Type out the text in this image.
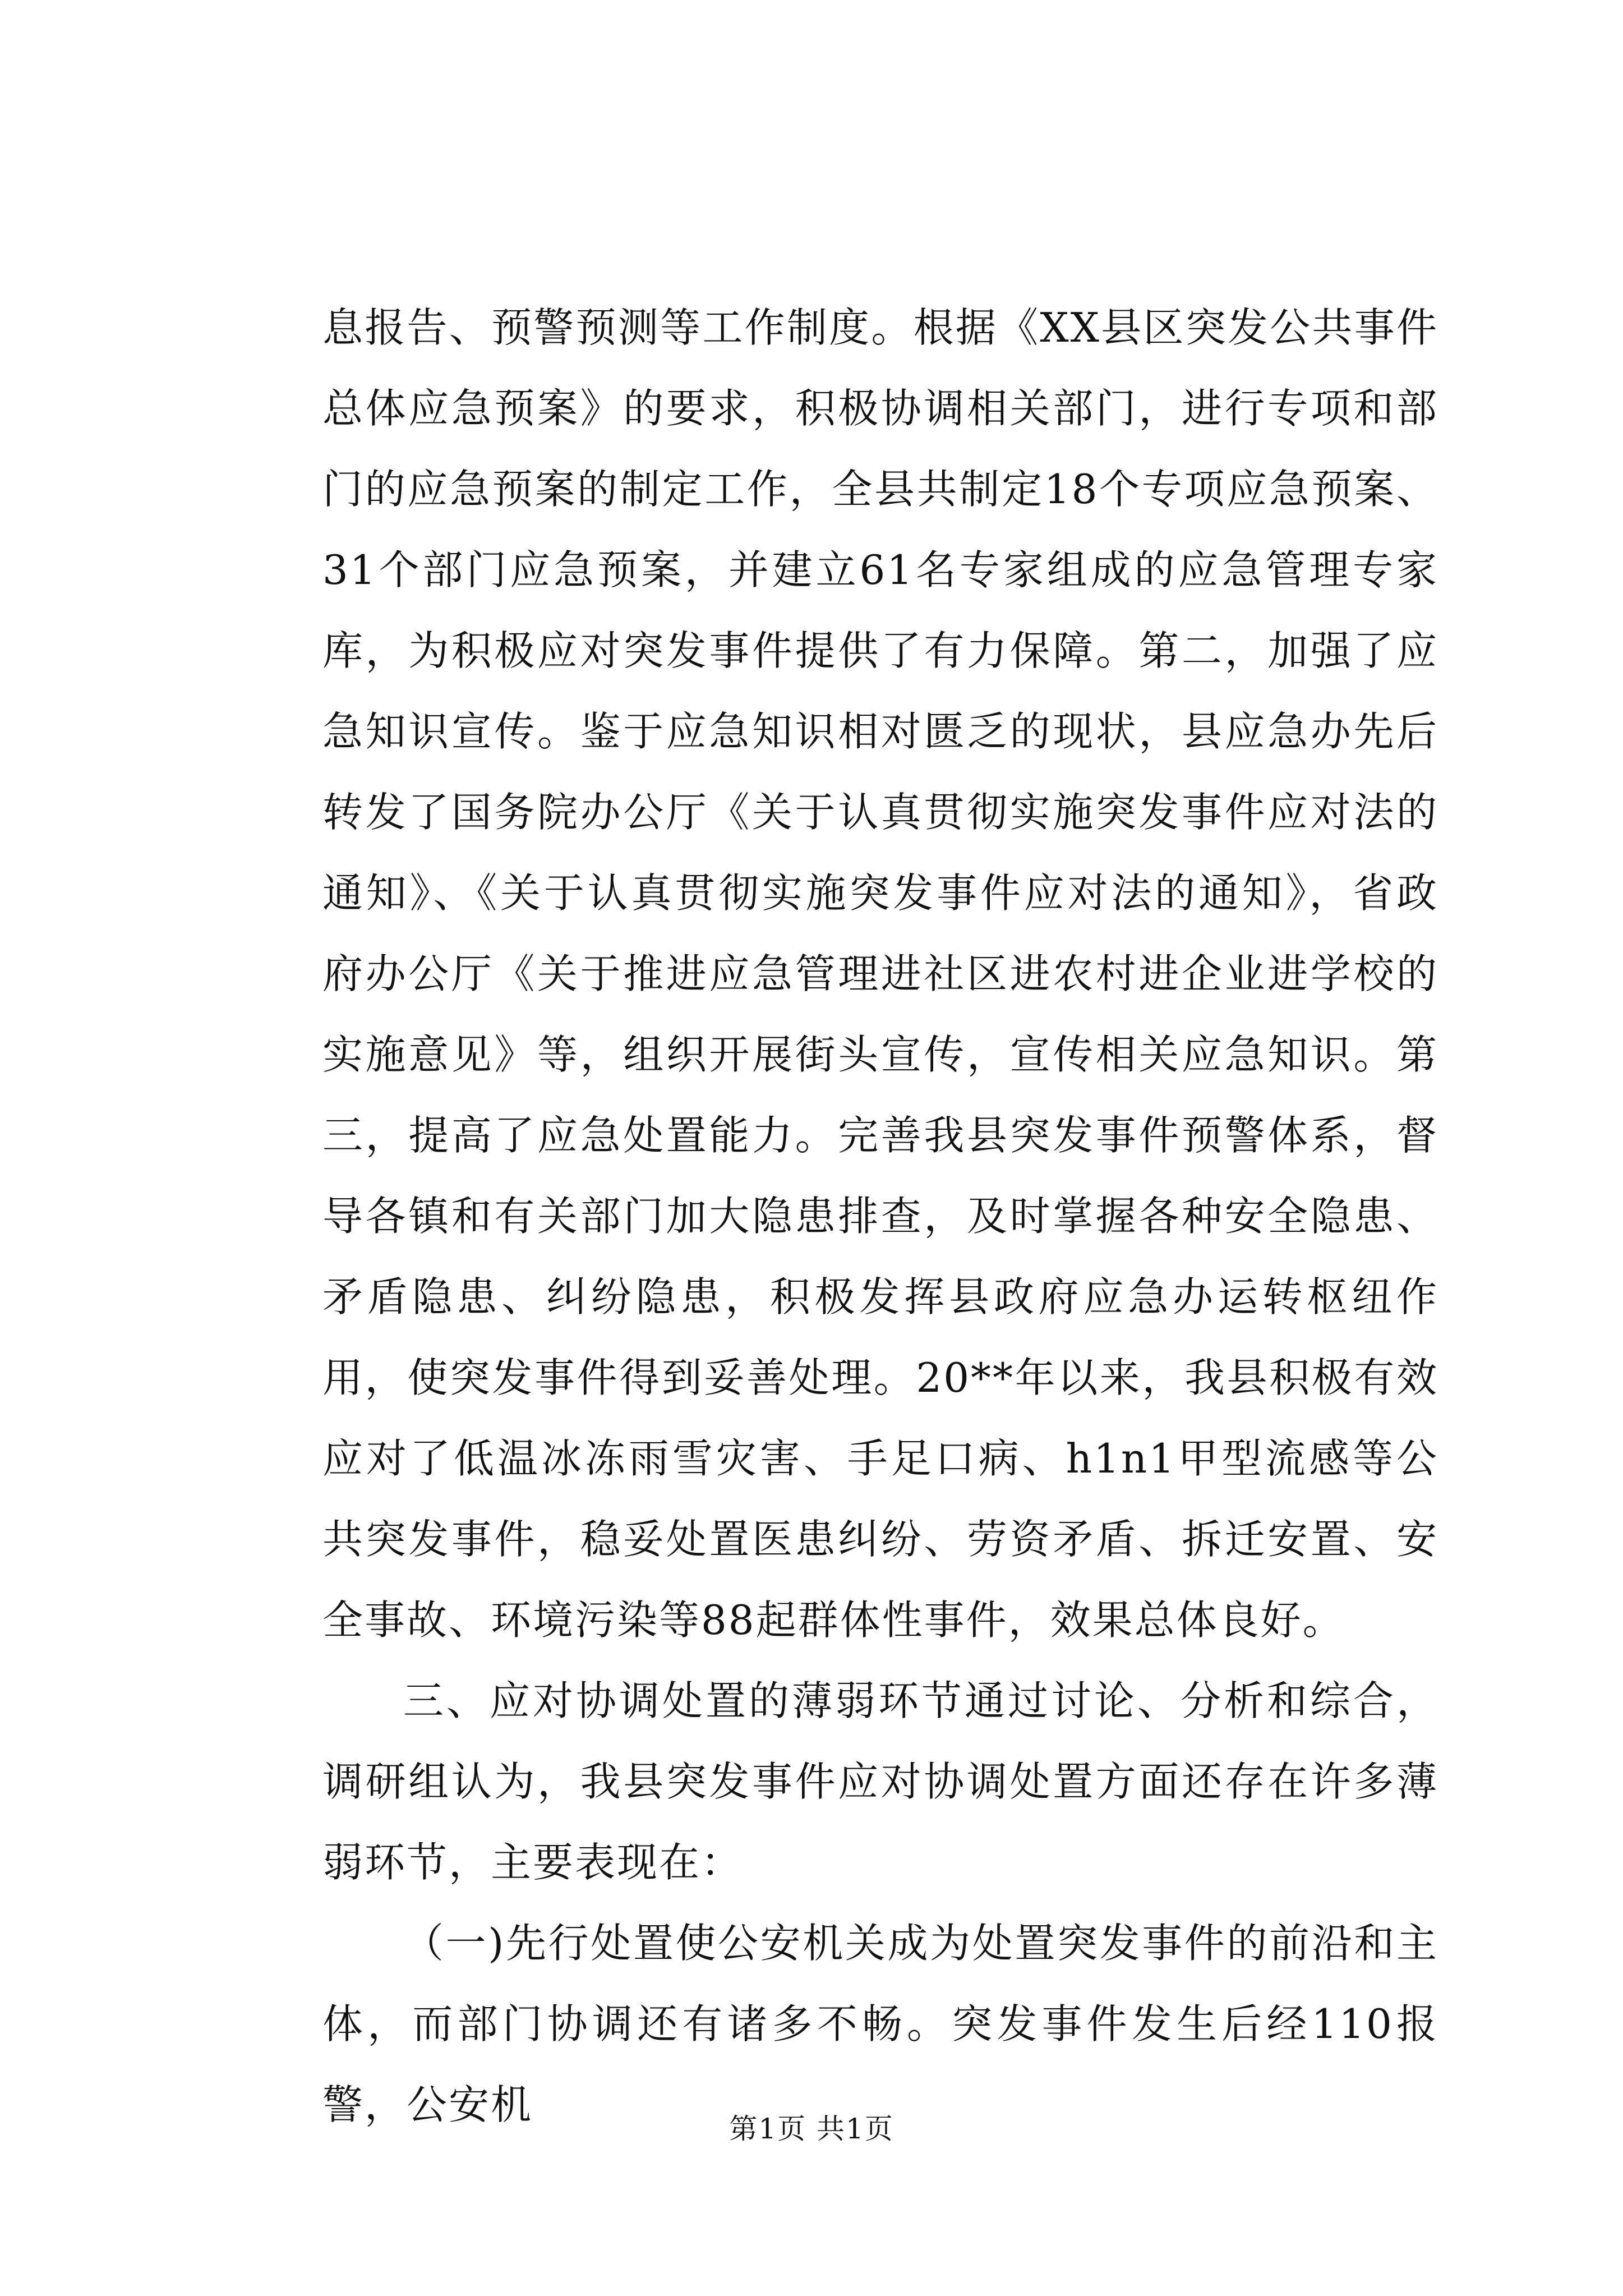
息报告、预警预测等工作制度。根据《XX县区突发公共事件总体应急预案》的要求，积极协调相关部门，进行专项和部门的应急预案的制定工作，全县共制定18个专项应急预案、31个部门应急预案，并建立61名专家组成的应急管理专家库，为积极应对突发事件提供了有力保障。第二，加强了应急知识宣传。鉴于应急知识相对匮乏的现状，县应急办先后转发了国务院办公厅《关于认真贯彻实施突发事件应对法的通知》、《关于认真贯彻实施突发事件应对法的通知》，省政府办公厅《关于推进应急管理进社区进农村进企业进学校的实施意见》等，组织开展街头宣传，宣传相关应急知识。第三，提高了应急处置能力。完善我县突发事件预警体系，督导各镇和有关部门加大隐患排查，及时掌握各种安全隐患、矛盾隐患、纠纷隐患，积极发挥县政府应急办运转枢纽作用，使突发事件得到妥善处理。20**年以来，我县积极有效应对了低温冰冻雨雪灾害、手足口病、h1n1甲型流感等公共突发事件，稳妥处置医患纠纷、劳资矛盾、拆迁安置、安全事故、环境污染等88起群体性事件，效果总体良好。

三、应对协调处置的薄弱环节通过讨论、分析和综合，调研组认为，我县突发事件应对协调处置方面还存在许多薄弱环节，主要表现在：

（一)先行处置使公安机关成为处置突发事件的前沿和主体，而部门协调还有诸多不畅。突发事件发生后经110报警，公安机

第1页 共1页
